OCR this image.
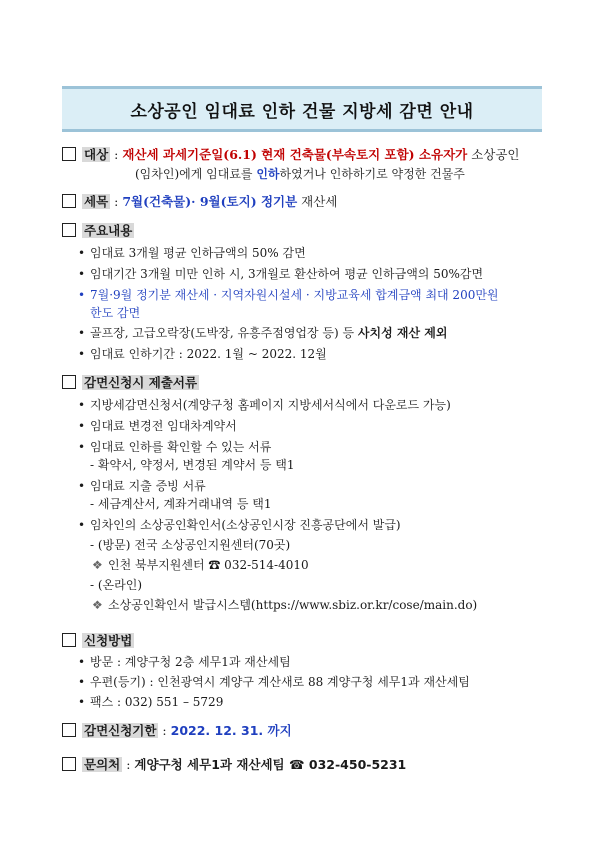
소상공인 임대료 인하 건물 지방세 감면 안내
대상 : 재산세 과세기준일(6.1) 현재 건축물(부속토지 포함) 소유자가 소상공인
(임차인)에게 임대료를 인하하였거나 인하하기로 약정한 건물주
세목 : 7월(건축물)· 9월(토지) 정기분 재산세
주요내용
• 임대료 3개월 평균 인하금액의 50% 감면
• 임대기간 3개월 미만 인하 시, 3개월로 환산하여 평균 인하금액의 50%감면
• 7월·9월 정기분 재산세 · 지역자원시설세 · 지방교육세 합계금액 최대 200만원
한도 감면
• 골프장, 고급오락장(도박장, 유흥주점영업장 등) 등 사치성 재산 제외
• 임대료 인하기간 : 2022. 1월 ~ 2022. 12월
감면신청시 제출서류
• 지방세감면신청서(계양구청 홈페이지 지방세서식에서 다운로드 가능)
• 임대료 변경전 임대차계약서
• 임대료 인하를 확인할 수 있는 서류
- 확약서, 약정서, 변경된 계약서 등 택1
• 임대료 지출 증빙 서류
- 세금계산서, 계좌거래내역 등 택1
• 임차인의 소상공인확인서(소상공인시장 진흥공단에서 발급)
- (방문) 전국 소상공인지원센터(70곳)
❖ 인천 북부지원센터 ☎ 032-514-4010
- (온라인)
❖ 소상공인확인서 발급시스템(https://www.sbiz.or.kr/cose/main.do)
신청방법
• 방문 : 계양구청 2층 세무1과 재산세팀
• 우편(등기) : 인천광역시 계양구 계산새로 88 계양구청 세무1과 재산세팀
• 팩스 : 032) 551 – 5729
감면신청기한 : 2022. 12. 31. 까지
문의처 : 계양구청 세무1과 재산세팀 ☎ 032-450-5231
